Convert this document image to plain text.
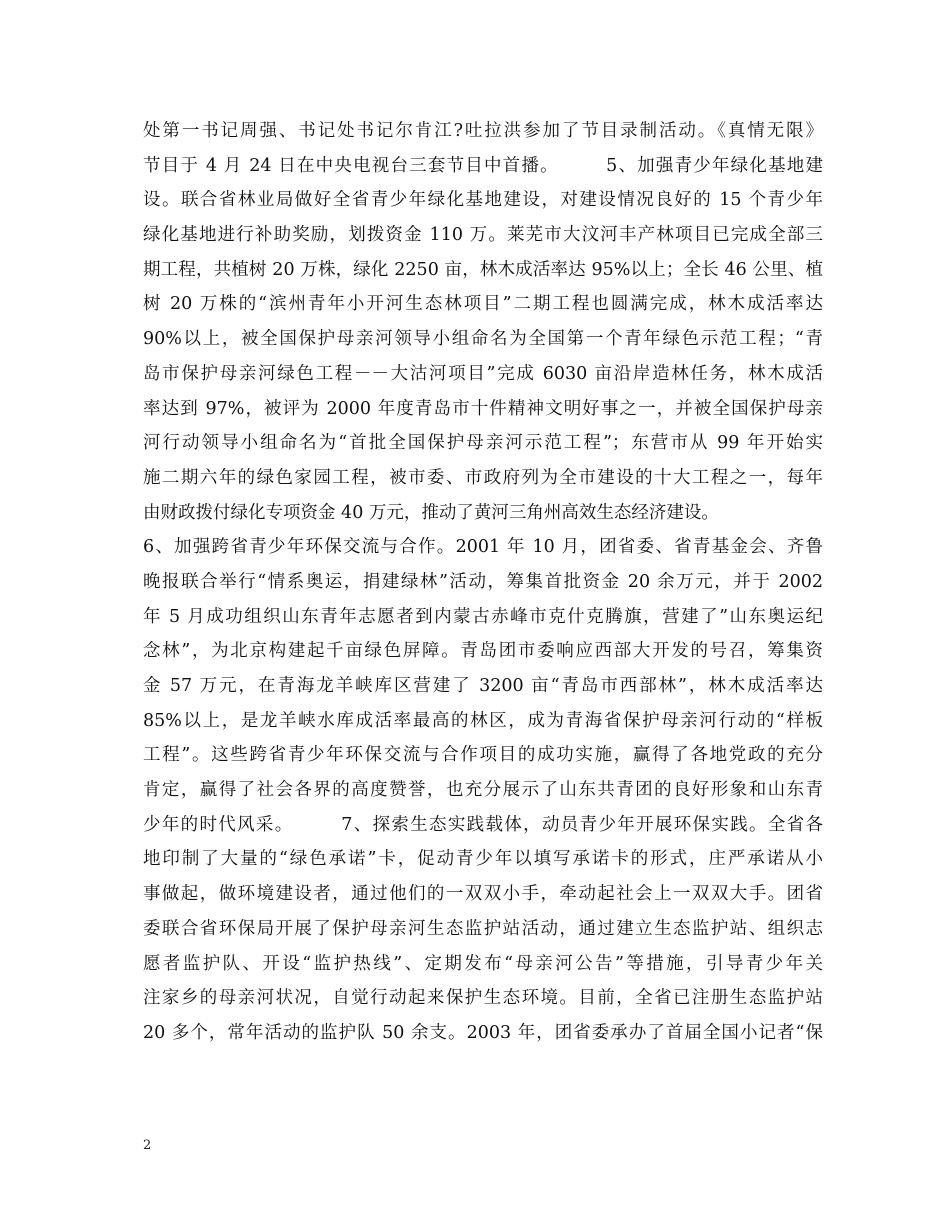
处第一书记周强、书记处书记尔肯江?吐拉洪参加了节目录制活动。《真情无限》
节目于 4 月 24 日在中央电视台三套节目中首播。　　　5、加强青少年绿化基地建
设。联合省林业局做好全省青少年绿化基地建设，对建设情况良好的 15 个青少年
绿化基地进行补助奖励，划拨资金 110 万。莱芜市大汶河丰产林项目已完成全部三
期工程，共植树 20 万株，绿化 2250 亩，林木成活率达 95%以上；全长 46 公里、植
树 20 万株的“滨州青年小开河生态林项目”二期工程也圆满完成，林木成活率达
90%以上，被全国保护母亲河领导小组命名为全国第一个青年绿色示范工程；“青
岛市保护母亲河绿色工程－－大沽河项目”完成 6030 亩沿岸造林任务，林木成活
率达到 97%，被评为 2000 年度青岛市十件精神文明好事之一，并被全国保护母亲
河行动领导小组命名为“首批全国保护母亲河示范工程”；东营市从 99 年开始实
施二期六年的绿色家园工程，被市委、市政府列为全市建设的十大工程之一，每年
由财政拨付绿化专项资金 40 万元，推动了黄河三角州高效生态经济建设。
6、加强跨省青少年环保交流与合作。2001 年 10 月，团省委、省青基金会、齐鲁
晚报联合举行“情系奥运，捐建绿林”活动，筹集首批资金 20 余万元，并于 2002
年 5 月成功组织山东青年志愿者到内蒙古赤峰市克什克腾旗，营建了”山东奥运纪
念林”，为北京构建起千亩绿色屏障。青岛团市委响应西部大开发的号召，筹集资
金 57 万元，在青海龙羊峡库区营建了 3200 亩“青岛市西部林”，林木成活率达
85%以上，是龙羊峡水库成活率最高的林区，成为青海省保护母亲河行动的“样板
工程”。这些跨省青少年环保交流与合作项目的成功实施，赢得了各地党政的充分
肯定，赢得了社会各界的高度赞誉，也充分展示了山东共青团的良好形象和山东青
少年的时代风采。　　　7、探索生态实践载体，动员青少年开展环保实践。全省各
地印制了大量的“绿色承诺”卡，促动青少年以填写承诺卡的形式，庄严承诺从小
事做起，做环境建设者，通过他们的一双双小手，牵动起社会上一双双大手。团省
委联合省环保局开展了保护母亲河生态监护站活动，通过建立生态监护站、组织志
愿者监护队、开设“监护热线”、定期发布“母亲河公告”等措施，引导青少年关
注家乡的母亲河状况，自觉行动起来保护生态环境。目前，全省已注册生态监护站
20 多个，常年活动的监护队 50 余支。2003 年，团省委承办了首届全国小记者“保
2
